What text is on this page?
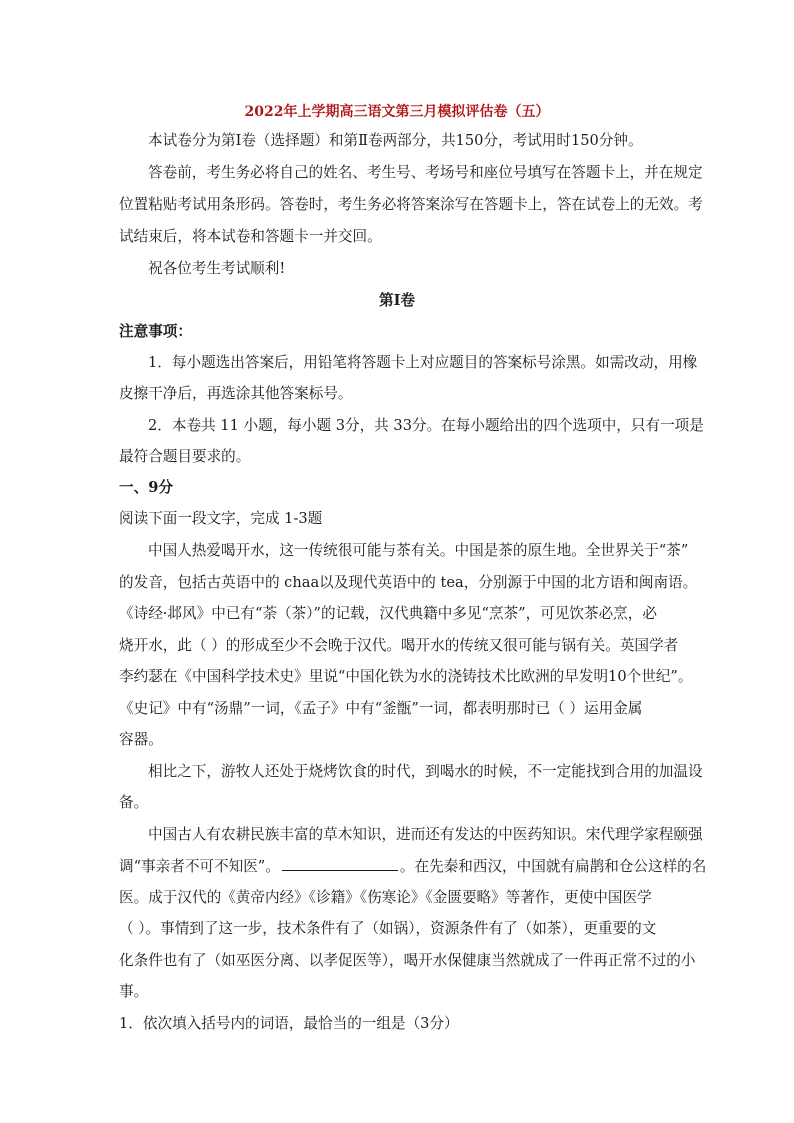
2022年上学期高三语文第三月模拟评估卷（五）
本试卷分为第Ⅰ卷（选择题）和第Ⅱ卷两部分，共150分，考试用时150分钟。
答卷前，考生务必将自己的姓名、考生号、考场号和座位号填写在答题卡上，并在规定
位置粘贴考试用条形码。答卷时，考生务必将答案涂写在答题卡上，答在试卷上的无效。考
试结束后，将本试卷和答题卡一并交回。
祝各位考生考试顺利!
第Ⅰ卷
注意事项：
1．每小题选出答案后，用铅笔将答题卡上对应题目的答案标号涂黑。如需改动，用橡
皮擦干净后，再选涂其他答案标号。
2．本卷共 11 小题，每小题 3分，共 33分。在每小题给出的四个选项中，只有一项是
最符合题目要求的。
一、9分
阅读下面一段文字，完成 1-3题
中国人热爱喝开水，这一传统很可能与茶有关。中国是茶的原生地。全世界关于“茶”
的发音，包括古英语中的 chaa以及现代英语中的 tea，分别源于中国的北方语和闽南语。
《诗经·邶风》中已有“荼（茶）”的记载，汉代典籍中多见“烹茶”，可见饮茶必烹，必
烧开水，此（ ）的形成至少不会晚于汉代。喝开水的传统又很可能与锅有关。英国学者
李约瑟在《中国科学技术史》里说“中国化铁为水的浇铸技术比欧洲的早发明10个世纪”。
《史记》中有“汤鼎”一词，《孟子》中有“釜甑”一词，都表明那时已（ ）运用金属
容器。
相比之下，游牧人还处于烧烤饮食的时代，到喝水的时候，不一定能找到合用的加温设
备。
中国古人有农耕民族丰富的草木知识，进而还有发达的中医药知识。宋代理学家程颐强
调“事亲者不可不知医”。	。在先秦和西汉，中国就有扁鹊和仓公这样的名
医。成于汉代的《黄帝内经》《诊籍》《伤寒论》《金匮要略》等著作，更使中国医学
（ ）。事情到了这一步，技术条件有了（如锅），资源条件有了（如茶），更重要的文
化条件也有了（如巫医分离、以孝促医等），喝开水保健康当然就成了一件再正常不过的小
事。
1．依次填入括号内的词语，最恰当的一组是（3分）
